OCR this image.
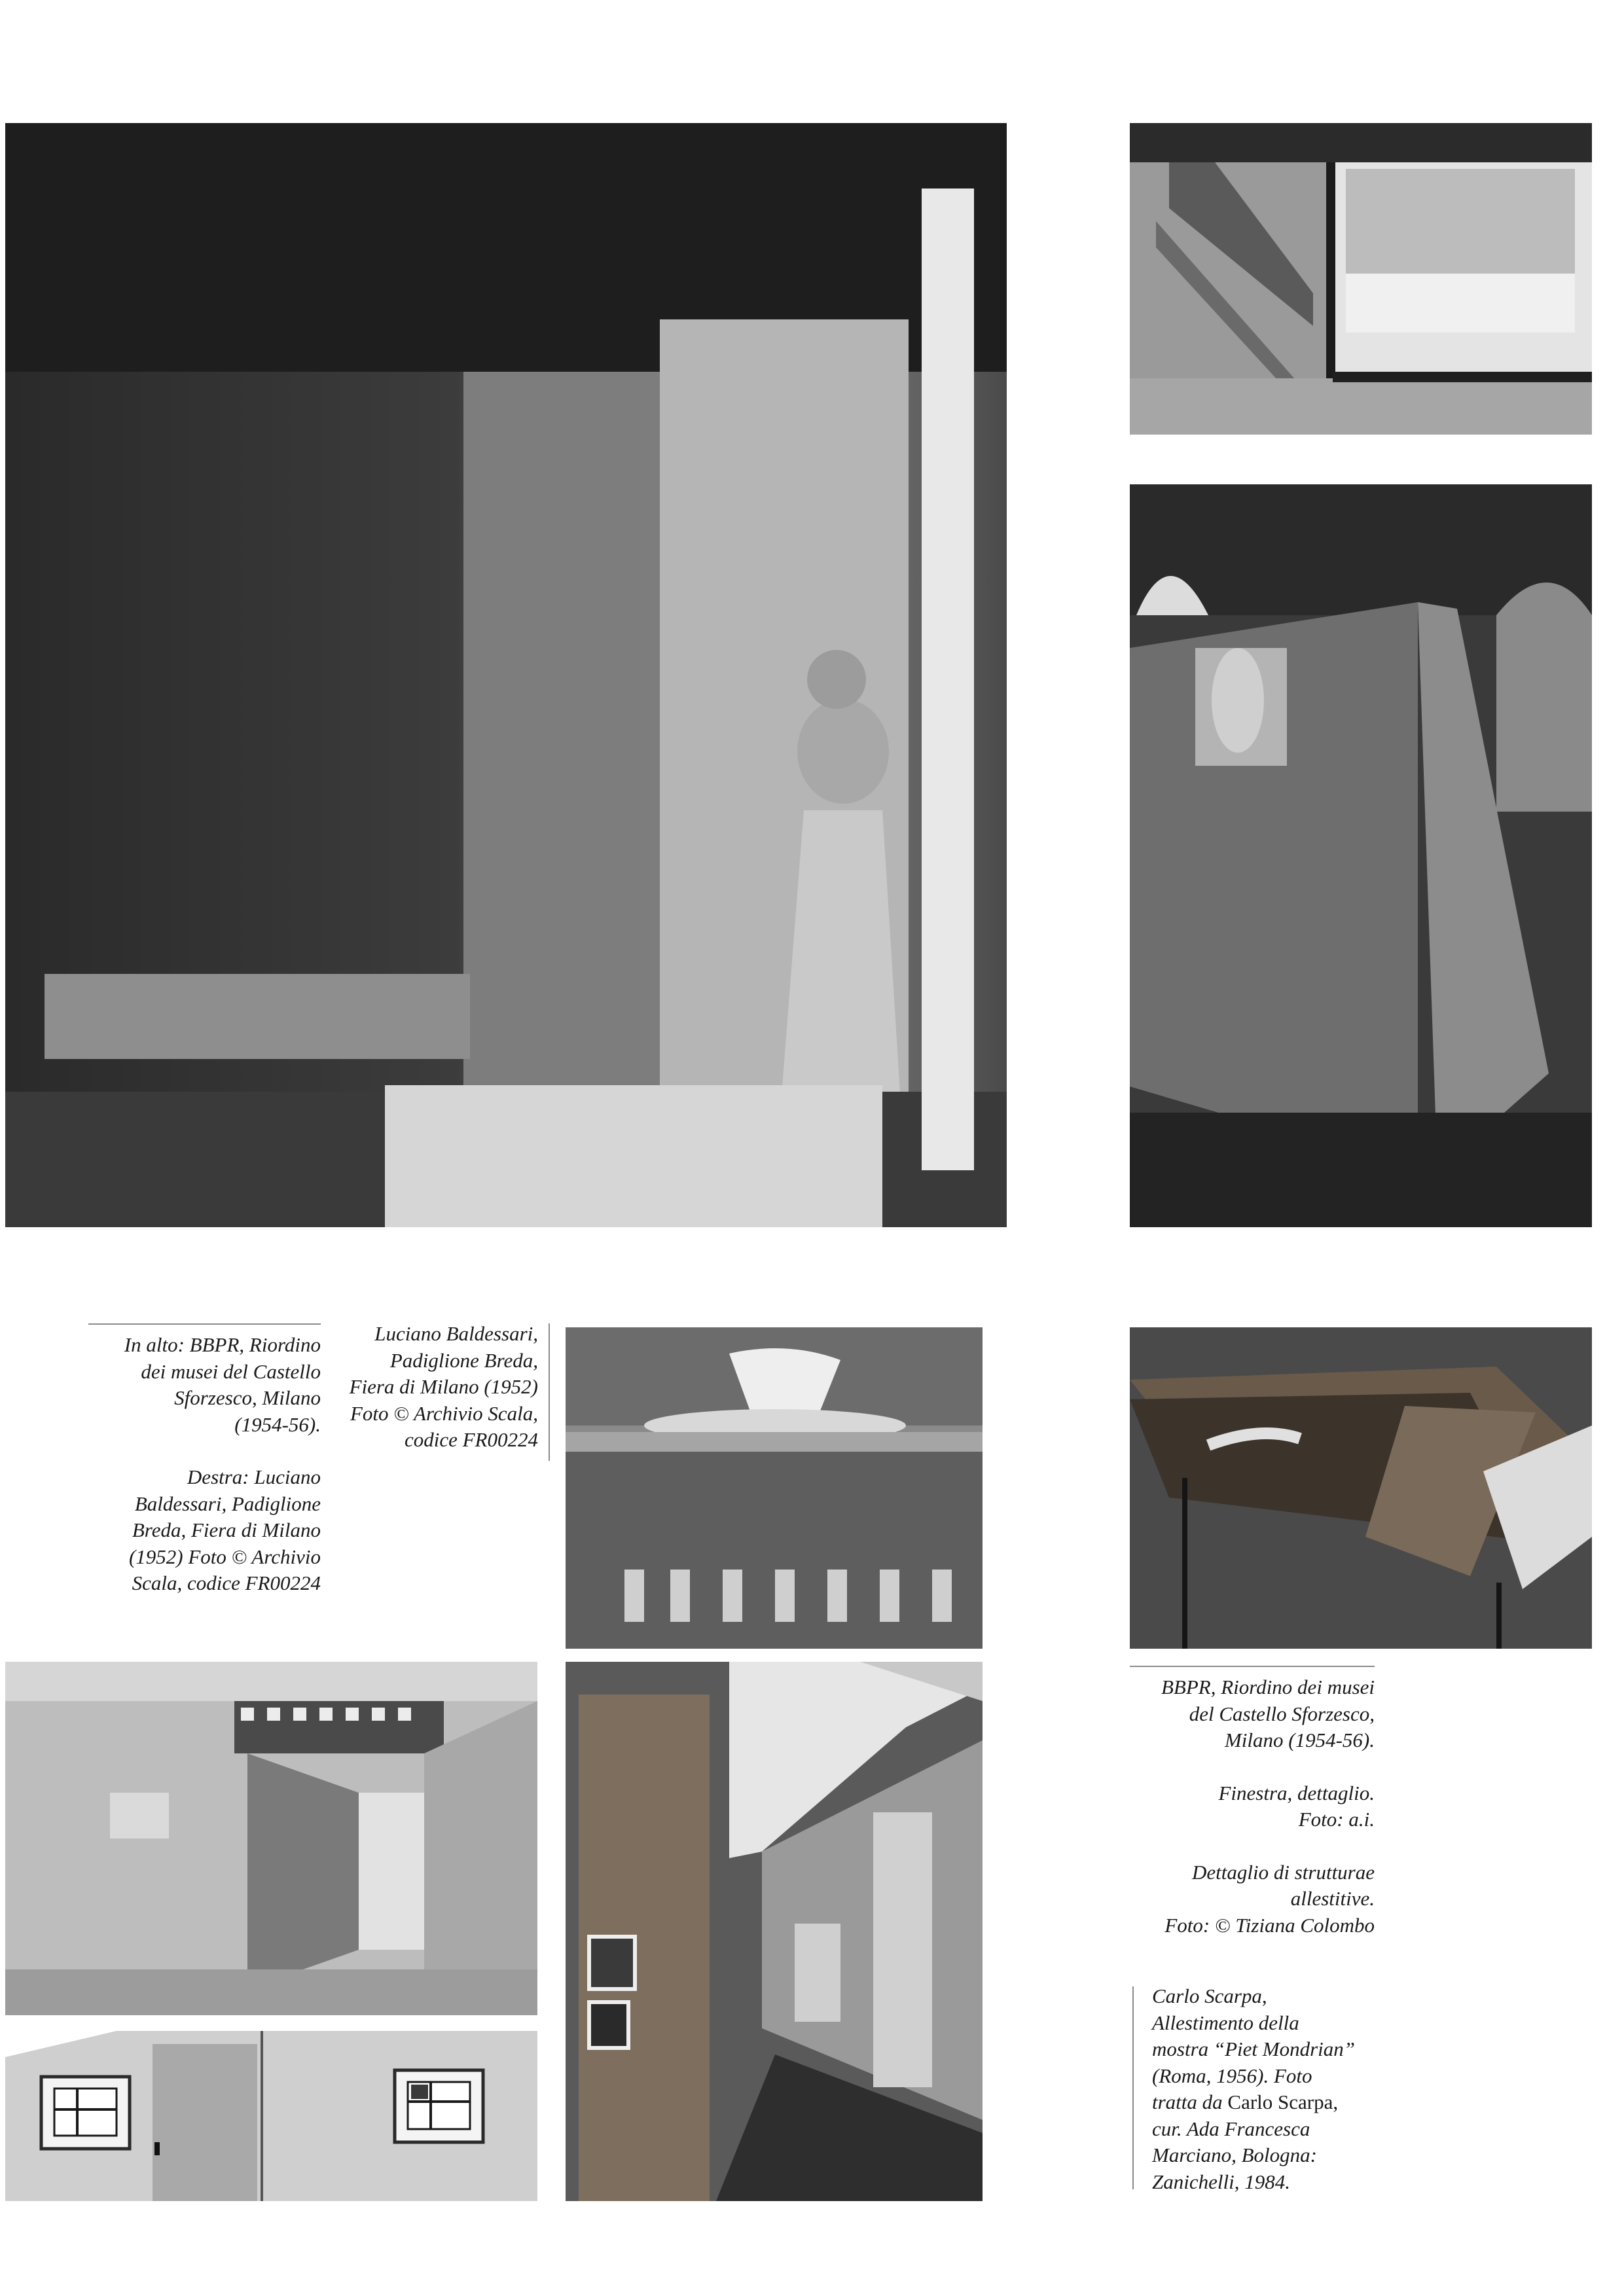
In alto: BBPR, Riordino

dei musei del Castello

Sforzesco, Milano

(1954-56).

Destra: Luciano

Baldessari, Padiglione

Breda, Fiera di Milano

(1952) Foto © Archivio

Scala, codice FR00224

Luciano Baldessari,

Padiglione Breda,

Fiera di Milano (1952)

Foto © Archivio Scala,

codice FR00224

BBPR, Riordino dei musei

del Castello Sforzesco,

Milano (1954-56).

Finestra, dettaglio.

Foto: a.i.

Dettaglio di strutturae

allestitive.

Foto: © Tiziana Colombo

Carlo Scarpa,

Allestimento della

mostra “Piet Mondrian”

(Roma, 1956). Foto

tratta da Carlo Scarpa,

cur. Ada Francesca

Marciano, Bologna:

Zanichelli, 1984.
